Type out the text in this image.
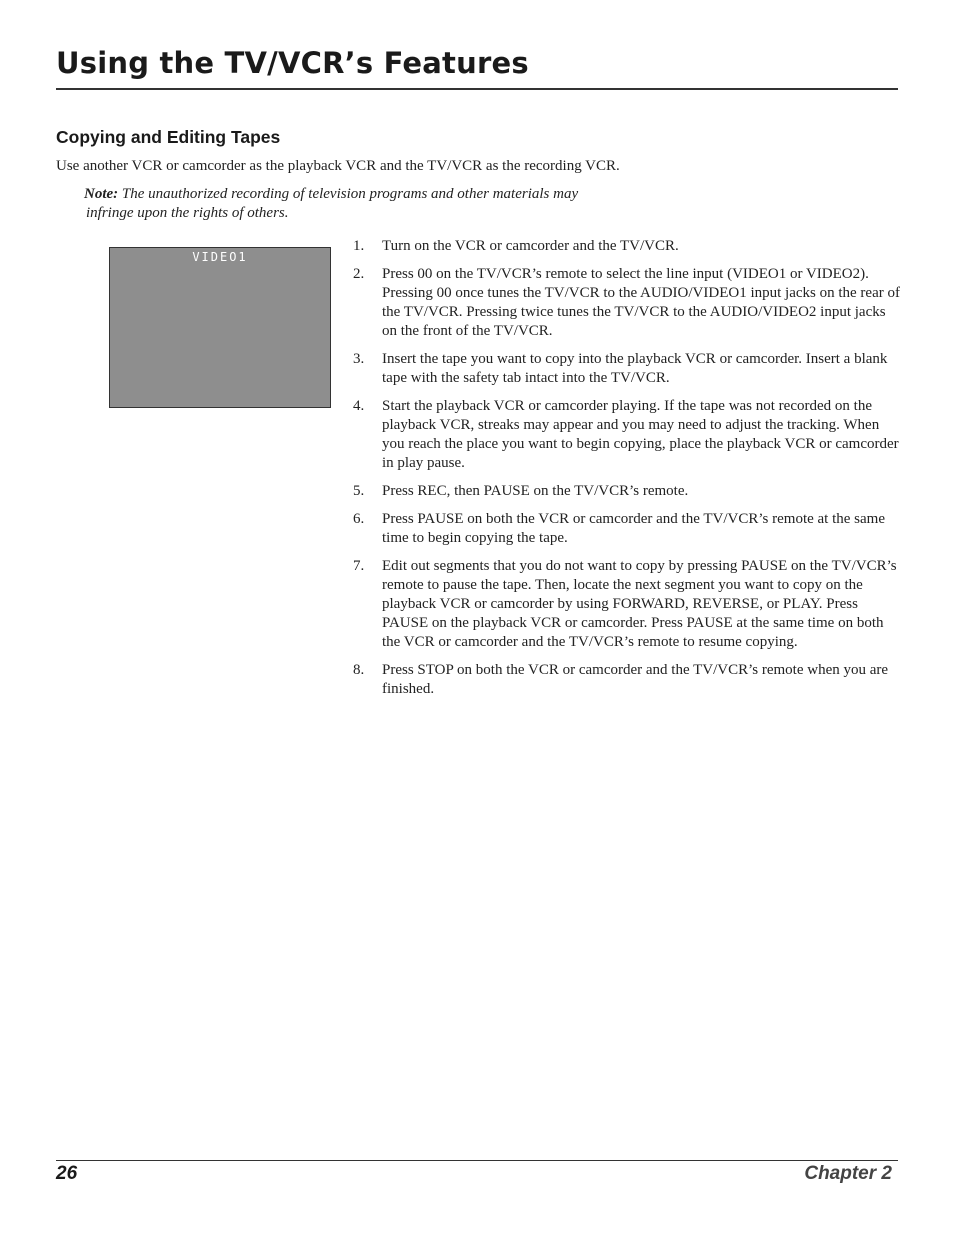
Using the TV/VCR’s Features
Copying and Editing Tapes

Use another VCR or camcorder as the playback VCR and the TV/VCR as the recording VCR.

Note: The unauthorized recording of television programs and other materials may
infringe upon the rights of others.

VIDEO1
1. Turn on the VCR or camcorder and the TV/VCR.
2. Press 00 on the TV/VCR’s remote to select the line input (VIDEO1 or VIDEO2). Pressing 00 once tunes the TV/VCR to the AUDIO/VIDEO1 input jacks on the rear of the TV/VCR. Pressing twice tunes the TV/VCR to the AUDIO/VIDEO2 input jacks on the front of the TV/VCR.
3. Insert the tape you want to copy into the playback VCR or camcorder. Insert a blank tape with the safety tab intact into the TV/VCR.
4. Start the playback VCR or camcorder playing. If the tape was not recorded on the playback VCR, streaks may appear and you may need to adjust the tracking. When you reach the place you want to begin copying, place the playback VCR or camcorder in play pause.
5. Press REC, then PAUSE on the TV/VCR’s remote.
6. Press PAUSE on both the VCR or camcorder and the TV/VCR’s remote at the same time to begin copying the tape.
7. Edit out segments that you do not want to copy by pressing PAUSE on the TV/VCR’s remote to pause the tape. Then, locate the next segment you want to copy on the playback VCR or camcorder by using FORWARD, REVERSE, or PLAY. Press PAUSE on the playback VCR or camcorder. Press PAUSE at the same time on both the VCR or camcorder and the TV/VCR’s remote to resume copying.
8. Press STOP on both the VCR or camcorder and the TV/VCR’s remote when you are finished.
26	Chapter 2
